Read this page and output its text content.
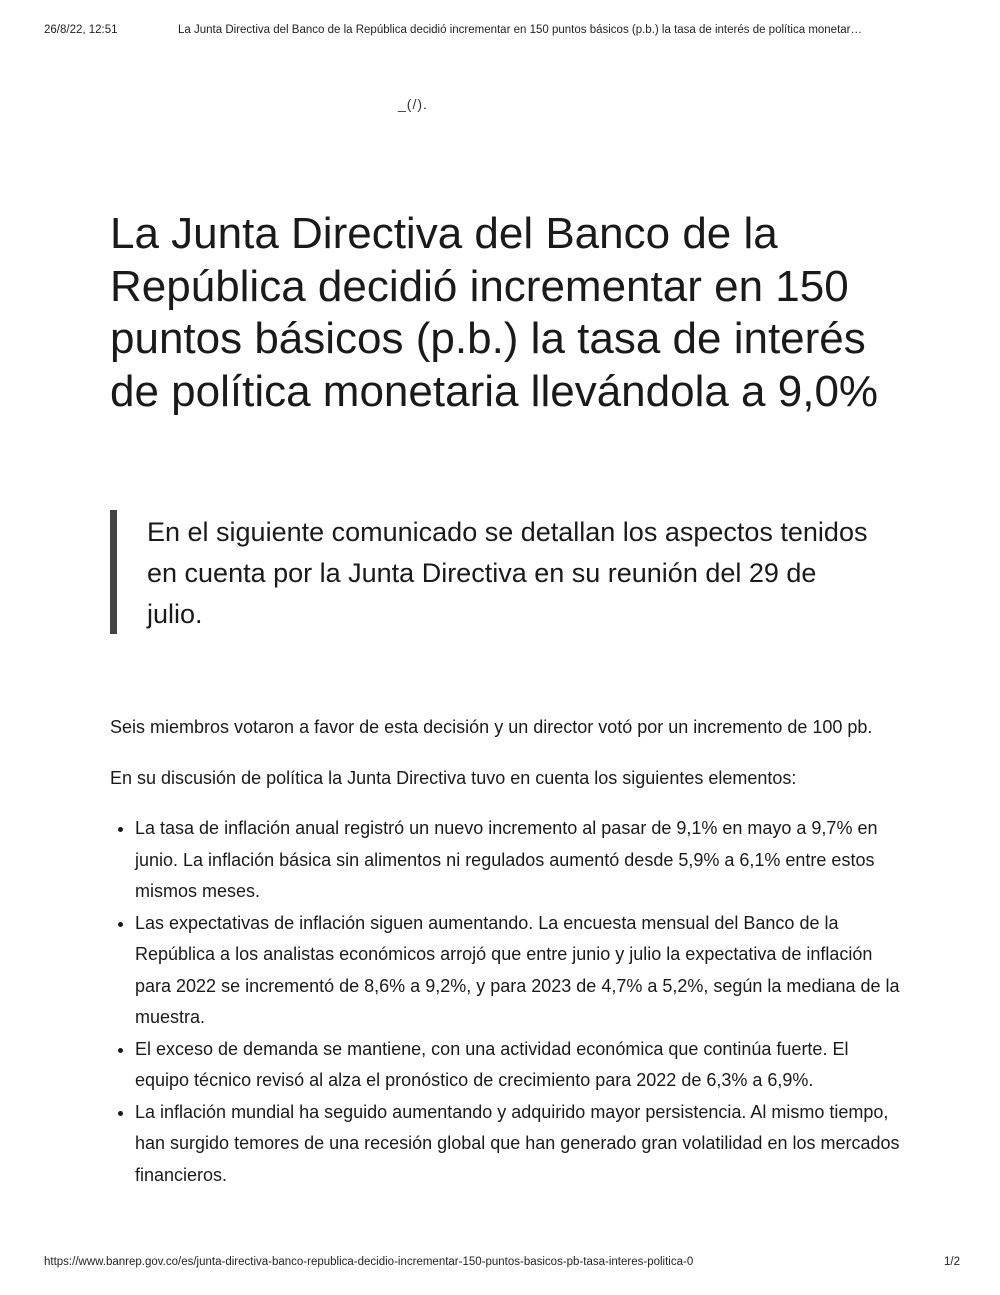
26/8/22, 12:51	La Junta Directiva del Banco de la República decidió incrementar en 150 puntos básicos (p.b.) la tasa de interés de política monetar…
_(/).
La Junta Directiva del Banco de la República decidió incrementar en 150 puntos básicos (p.b.) la tasa de interés de política monetaria llevándola a 9,0%

En el siguiente comunicado se detallan los aspectos tenidos en cuenta por la Junta Directiva en su reunión del 29 de julio.

Seis miembros votaron a favor de esta decisión y un director votó por un incremento de 100 pb.

En su discusión de política la Junta Directiva tuvo en cuenta los siguientes elementos:

• La tasa de inflación anual registró un nuevo incremento al pasar de 9,1% en mayo a 9,7% en junio. La inflación básica sin alimentos ni regulados aumentó desde 5,9% a 6,1% entre estos mismos meses.
• Las expectativas de inflación siguen aumentando. La encuesta mensual del Banco de la República a los analistas económicos arrojó que entre junio y julio la expectativa de inflación para 2022 se incrementó de 8,6% a 9,2%, y para 2023 de 4,7% a 5,2%, según la mediana de la muestra.
• El exceso de demanda se mantiene, con una actividad económica que continúa fuerte. El equipo técnico revisó al alza el pronóstico de crecimiento para 2022 de 6,3% a 6,9%.
• La inflación mundial ha seguido aumentando y adquirido mayor persistencia. Al mismo tiempo, han surgido temores de una recesión global que han generado gran volatilidad en los mercados financieros.
https://www.banrep.gov.co/es/junta-directiva-banco-republica-decidio-incrementar-150-puntos-basicos-pb-tasa-interes-politica-0	1/2
